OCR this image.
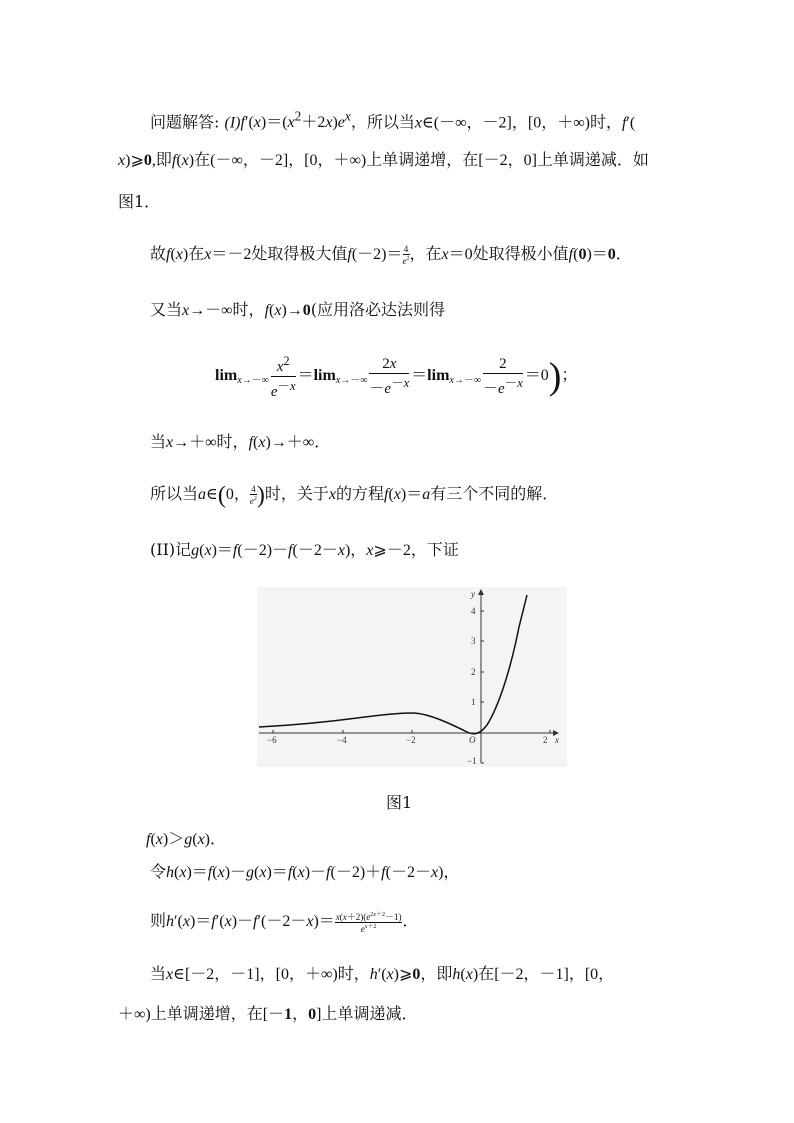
问题解答: $(I)f'(x)=(x^2+2x)e^x$，所以当x∈(－∞，－2]，[0，＋∞)时，f′(
x)⩾0,即f(x)在(－∞，－2]，[0，＋∞)上单调递增，在[－2，0]上单调递减．如
图1．
故f(x)在x＝－2处取得极大值$f(-2)= \frac{4}{e^2}$ ，在x＝0处取得极小值f(0)＝0．
又当x→－∞时，f(x)→0(应用洛必达法则得
$\lim_{x\to-\infty} \frac{x^2}{e^{-x}} =\lim_{x\to-\infty} \frac{2x}{-e^{-x}} =\lim_{x\to-\infty} \frac{2}{-e^{-x}} =0$)；
当x→＋∞时，f(x)→＋∞．
所以当a∈(0， $\frac{4}{e^2}$ )时，关于x的方程f(x)＝a有三个不同的解．
(II)记g(x)＝f(－2)－f(－2－x)，x⩾－2，下证
−6	−4	−2	O	2 x
4
3
2
1
−1
y
图1
f(x)＞g(x)．
令h(x)＝f(x)－g(x)＝f(x)－f(－2)＋f(－2－x)，
则$h'(x)=f'(x)-f'(-2-x)= \frac{x(x+2)(e^{2x+2}-1)}{e^{x+2}}$ ．
当x∈[－2，－1]，[0，＋∞)时，h′(x)⩾0，即h(x)在[－2，－1]，[0，
＋∞)上单调递增，在[－1，0]上单调递减．
